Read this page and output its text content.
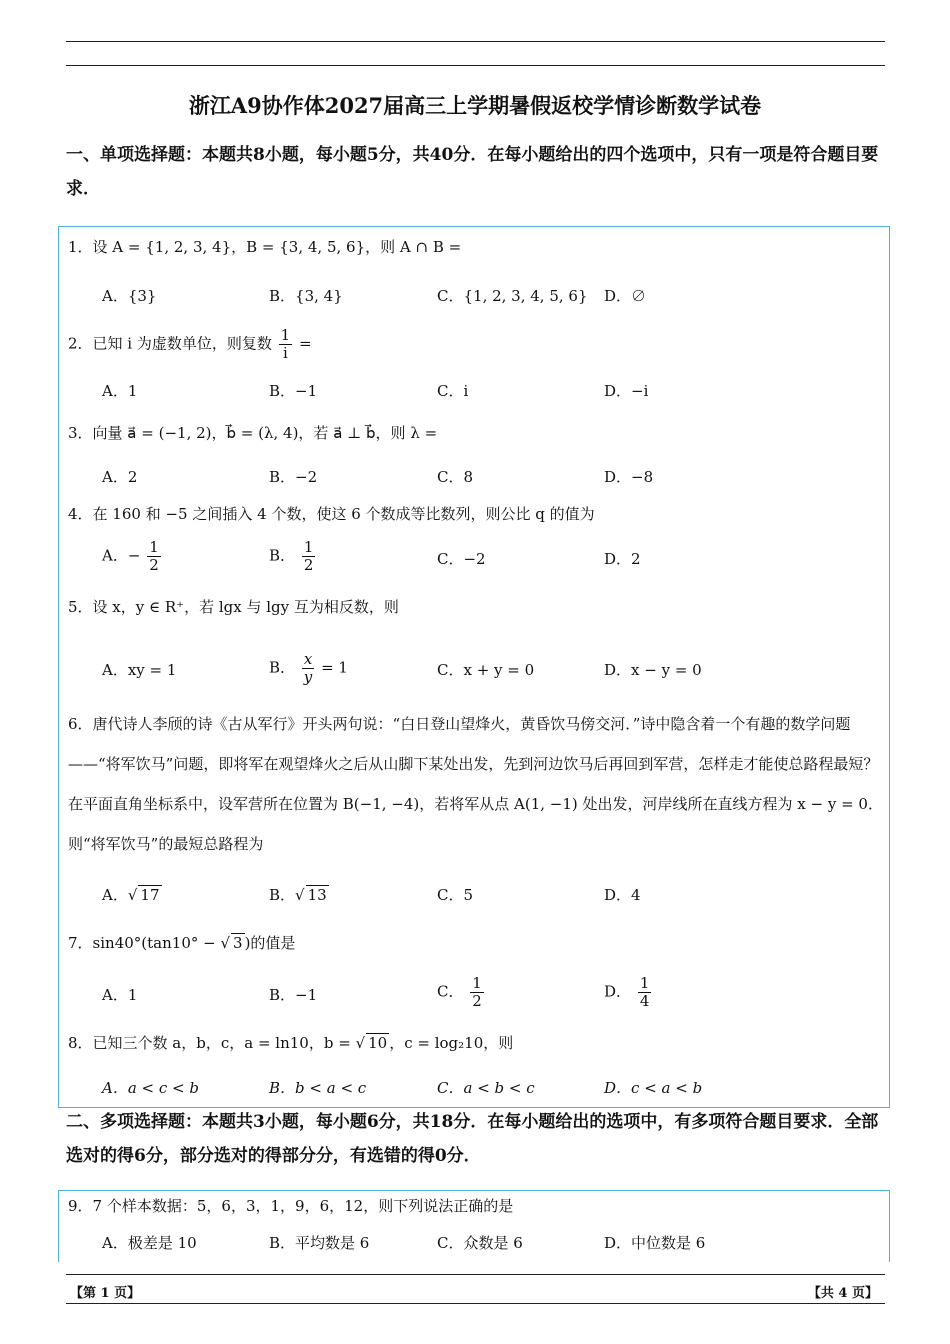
浙江A9协作体2027届高三上学期暑假返校学情诊断数学试卷
一、单项选择题：本题共8小题，每小题5分，共40分．在每小题给出的四个选项中，只有一项是符合题目要求．
1．设 A = {1, 2, 3, 4}，B = {3, 4, 5, 6}，则 A ∩ B =
A．{3}	B．{3, 4}	C．{1, 2, 3, 4, 5, 6} D．∅
2．已知 i 为虚数单位，则复数 $\frac{1}{i}$ =
A．1	B．−1	C．i	D．−i
3．向量 a⃗ = (−1, 2)，b⃗ = (λ, 4)，若 a⃗ ⊥ b⃗，则 λ =
A．2	B．−2	C．8	D．−8
4．在 160 和 −5 之间插入 4 个数，使这 6 个数成等比数列，则公比 q 的值为
A．− $\frac{1}{2}$	B． $\frac{1}{2}$	C．−2	D．2
5．设 x，y ∈ R⁺，若 lgx 与 lgy 互为相反数，则
A．xy = 1	B． $\frac{x}{y} = 1$	C．x + y = 0	D．x − y = 0
6．唐代诗人李颀的诗《古从军行》开头两句说：“白日登山望烽火，黄昏饮马傍交河．”诗中隐含着一个有趣的数学问题——“将军饮马”问题，即将军在观望烽火之后从山脚下某处出发，先到河边饮马后再回到军营，怎样走才能使总路程最短？在平面直角坐标系中，设军营所在位置为 B(−1, −4)，若将军从点 A(1, −1) 处出发，河岸线所在直线方程为 x − y = 0．则“将军饮马”的最短总路程为
A．√ 17	B．√ 13	C．5	D．4
7．sin40°(tan10° − √ 3 )的值是
A．1	B．−1	C． $\frac{1}{2}$	D． $\frac{1}{4}$
8．已知三个数 a，b，c，a = ln10，b = √ 10 ，c = log₂10，则
A．a < c < b	B．b < a < c	C．a < b < c	D．c < a < b
二、多项选择题：本题共3小题，每小题6分，共18分．在每小题给出的选项中，有多项符合题目要求．全部选对的得6分，部分选对的得部分分，有选错的得0分．
9．7 个样本数据：5，6，3，1，9，6，12，则下列说法正确的是
A．极差是 10	B．平均数是 6	C．众数是 6	D．中位数是 6
【第 1 页】	【共 4 页】
